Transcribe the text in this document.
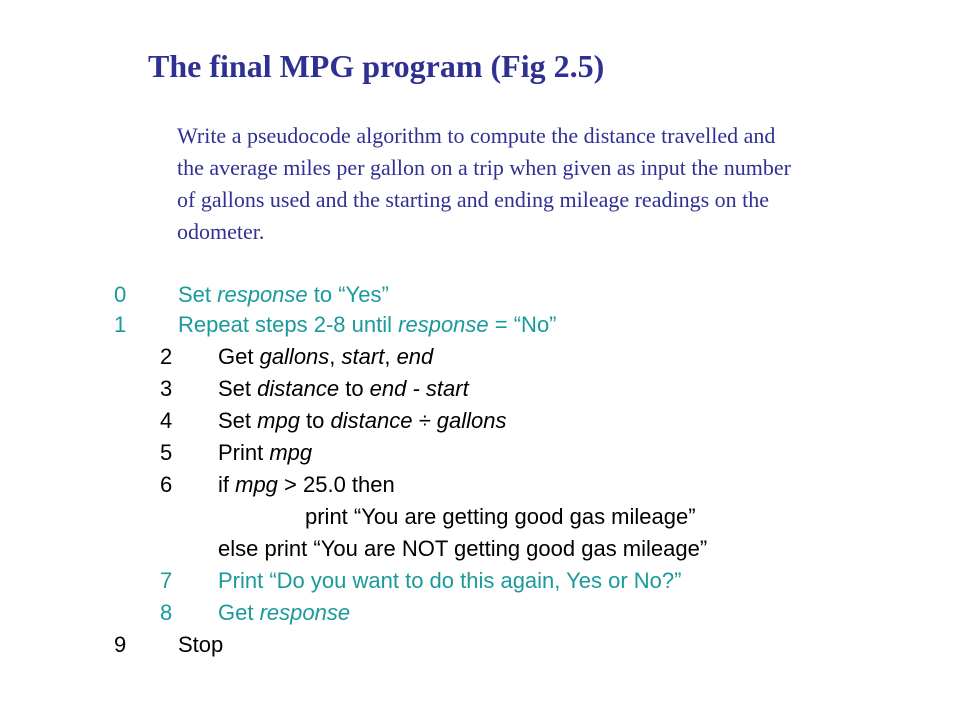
The final MPG program (Fig 2.5)
Write a pseudocode algorithm to compute the distance travelled and
the average miles per gallon on a trip when given as input the number
of gallons used and the starting and ending mileage readings on the
odometer.
0 Set response to “Yes”
1 Repeat steps 2-8 until response = “No”
2 Get gallons, start, end
3 Set distance to end - start
4 Set mpg to distance ÷ gallons
5 Print mpg
6 if mpg > 25.0 then
print “You are getting good gas mileage”
else print “You are NOT getting good gas mileage”
7 Print “Do you want to do this again, Yes or No?”
8 Get response
9 Stop
